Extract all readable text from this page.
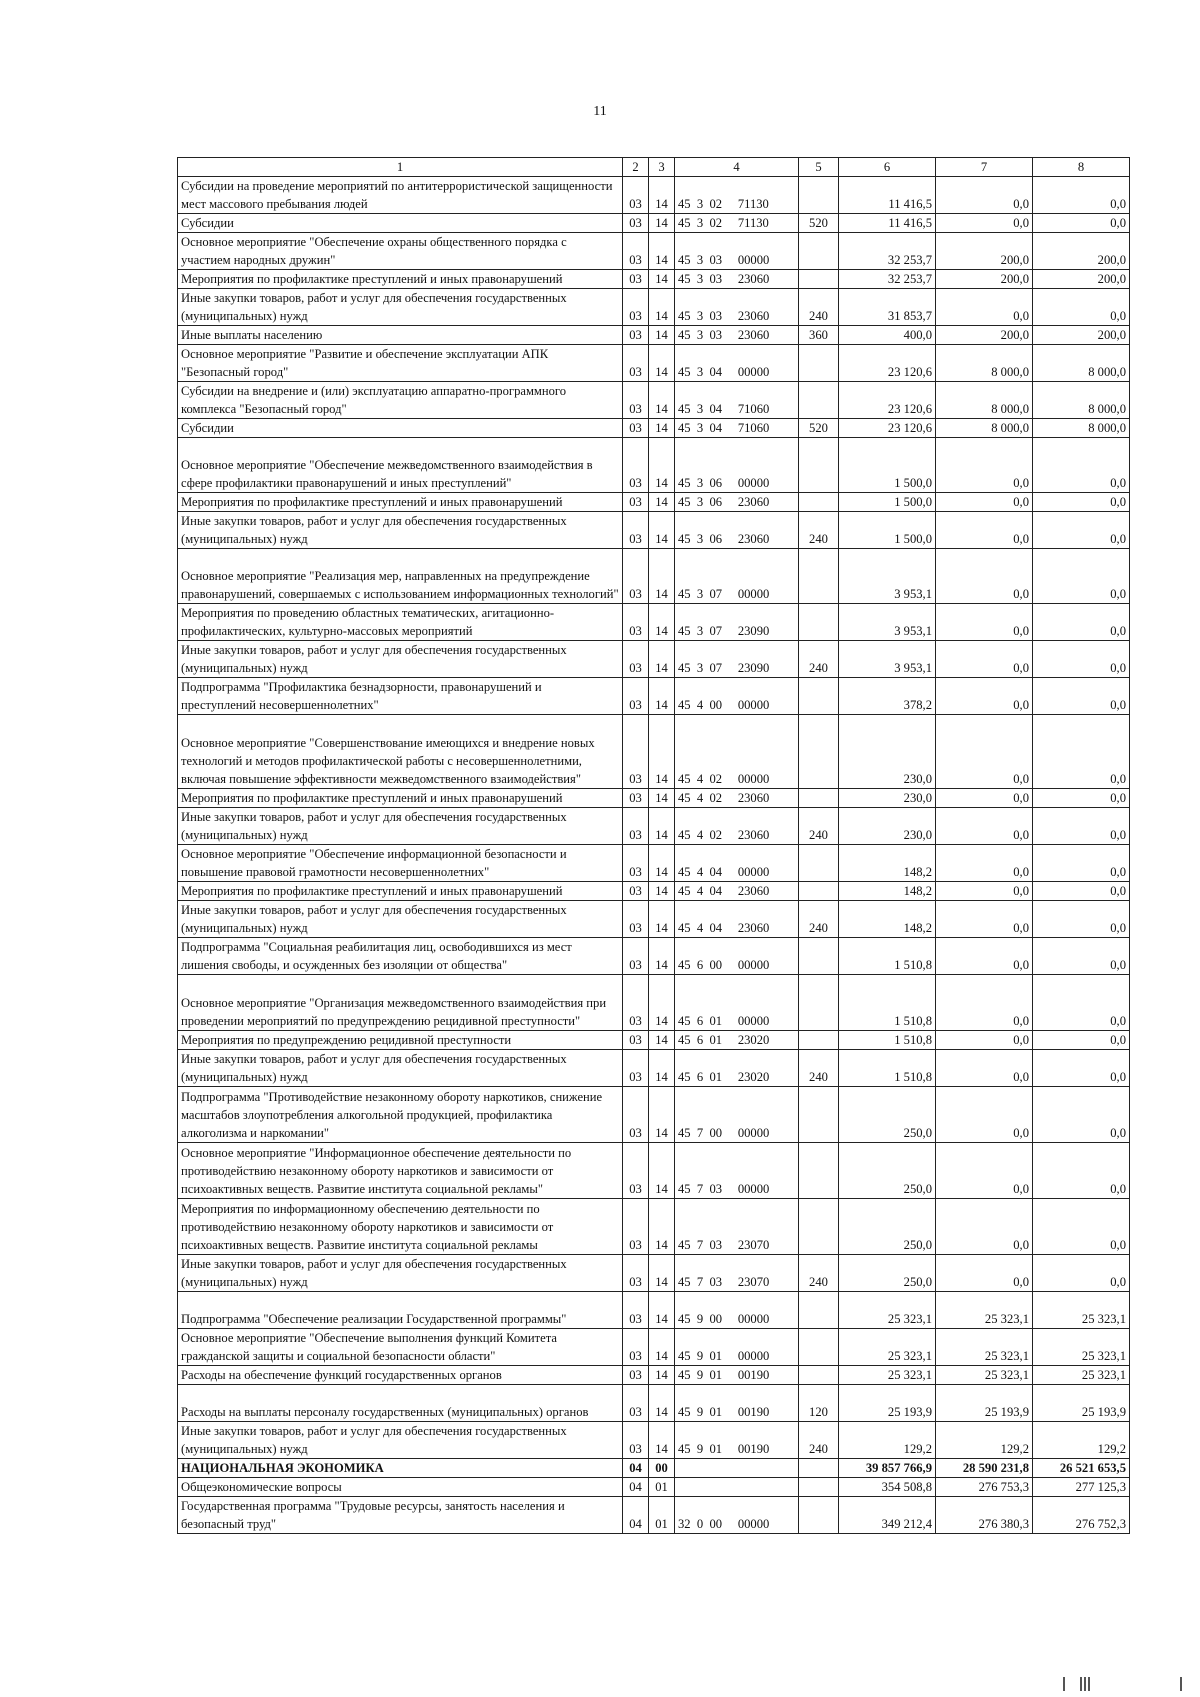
11
1	2	3	4	5	6	7	8
Субсидии на проведение мероприятий по антитеррористической защищенности мест массового пребывания людей	03	14	45  3  02     71130		11 416,5	0,0	0,0
Субсидии	03	14	45  3  02     71130	520	11 416,5	0,0	0,0
Основное мероприятие "Обеспечение охраны общественного порядка с участием народных дружин"	03	14	45  3  03     00000		32 253,7	200,0	200,0
Мероприятия по профилактике преступлений и иных правонарушений	03	14	45  3  03     23060		32 253,7	200,0	200,0
Иные закупки товаров, работ и услуг для обеспечения государственных (муниципальных) нужд	03	14	45  3  03     23060	240	31 853,7	0,0	0,0
Иные выплаты населению	03	14	45  3  03     23060	360	400,0	200,0	200,0
Основное мероприятие "Развитие и обеспечение эксплуатации АПК "Безопасный город"	03	14	45  3  04     00000		23 120,6	8 000,0	8 000,0
Субсидии на внедрение и (или) эксплуатацию аппаратно-программного комплекса "Безопасный город"	03	14	45  3  04     71060		23 120,6	8 000,0	8 000,0
Субсидии	03	14	45  3  04     71060	520	23 120,6	8 000,0	8 000,0
Основное мероприятие "Обеспечение межведомственного взаимодействия в сфере профилактики правонарушений и иных преступлений"	03	14	45  3  06     00000		1 500,0	0,0	0,0
Мероприятия по профилактике преступлений и иных правонарушений	03	14	45  3  06     23060		1 500,0	0,0	0,0
Иные закупки товаров, работ и услуг для обеспечения государственных (муниципальных) нужд	03	14	45  3  06     23060	240	1 500,0	0,0	0,0
Основное мероприятие "Реализация мер, направленных на предупреждение правонарушений, совершаемых с использованием информационных технологий"	03	14	45  3  07     00000		3 953,1	0,0	0,0
Мероприятия по проведению областных тематических, агитационно-профилактических, культурно-массовых мероприятий	03	14	45  3  07     23090		3 953,1	0,0	0,0
Иные закупки товаров, работ и услуг для обеспечения государственных (муниципальных) нужд	03	14	45  3  07     23090	240	3 953,1	0,0	0,0
Подпрограмма "Профилактика безнадзорности, правонарушений и преступлений несовершеннолетних"	03	14	45  4  00     00000		378,2	0,0	0,0
Основное мероприятие "Совершенствование имеющихся и внедрение новых технологий и методов профилактической работы с несовершеннолетними, включая повышение эффективности межведомственного взаимодействия"	03	14	45  4  02     00000		230,0	0,0	0,0
Мероприятия по профилактике преступлений и иных правонарушений	03	14	45  4  02     23060		230,0	0,0	0,0
Иные закупки товаров, работ и услуг для обеспечения государственных (муниципальных) нужд	03	14	45  4  02     23060	240	230,0	0,0	0,0
Основное мероприятие "Обеспечение информационной безопасности и повышение правовой грамотности несовершеннолетних"	03	14	45  4  04     00000		148,2	0,0	0,0
Мероприятия по профилактике преступлений и иных правонарушений	03	14	45  4  04     23060		148,2	0,0	0,0
Иные закупки товаров, работ и услуг для обеспечения государственных (муниципальных) нужд	03	14	45  4  04     23060	240	148,2	0,0	0,0
Подпрограмма "Социальная реабилитация лиц, освободившихся из мест лишения свободы, и осужденных без изоляции от общества"	03	14	45  6  00     00000		1 510,8	0,0	0,0
Основное мероприятие "Организация межведомственного взаимодействия при проведении мероприятий по предупреждению рецидивной преступности"	03	14	45  6  01     00000		1 510,8	0,0	0,0
Мероприятия по предупреждению рецидивной преступности	03	14	45  6  01     23020		1 510,8	0,0	0,0
Иные закупки товаров, работ и услуг для обеспечения государственных (муниципальных) нужд	03	14	45  6  01     23020	240	1 510,8	0,0	0,0
Подпрограмма "Противодействие незаконному обороту наркотиков, снижение масштабов злоупотребления алкогольной продукцией, профилактика алкоголизма и наркомании"	03	14	45  7  00     00000		250,0	0,0	0,0
Основное мероприятие "Информационное обеспечение деятельности по противодействию незаконному обороту наркотиков и зависимости от психоактивных веществ. Развитие института социальной рекламы"	03	14	45  7  03     00000		250,0	0,0	0,0
Мероприятия по информационному обеспечению деятельности по противодействию незаконному обороту наркотиков и зависимости от психоактивных веществ. Развитие института социальной рекламы	03	14	45  7  03     23070		250,0	0,0	0,0
Иные закупки товаров, работ и услуг для обеспечения государственных (муниципальных) нужд	03	14	45  7  03     23070	240	250,0	0,0	0,0
Подпрограмма "Обеспечение реализации Государственной программы"	03	14	45  9  00     00000		25 323,1	25 323,1	25 323,1
Основное мероприятие "Обеспечение выполнения функций Комитета гражданской защиты и социальной безопасности области"	03	14	45  9  01     00000		25 323,1	25 323,1	25 323,1
Расходы на обеспечение функций государственных органов	03	14	45  9  01     00190		25 323,1	25 323,1	25 323,1
Расходы на выплаты персоналу государственных (муниципальных) органов	03	14	45  9  01     00190	120	25 193,9	25 193,9	25 193,9
Иные закупки товаров, работ и услуг для обеспечения государственных (муниципальных) нужд	03	14	45  9  01     00190	240	129,2	129,2	129,2
НАЦИОНАЛЬНАЯ ЭКОНОМИКА	04	00			39 857 766,9	28 590 231,8	26 521 653,5
Общеэкономические вопросы	04	01			354 508,8	276 753,3	277 125,3
Государственная программа "Трудовые ресурсы, занятость населения и безопасный труд"	04	01	32  0  00     00000		349 212,4	276 380,3	276 752,3
